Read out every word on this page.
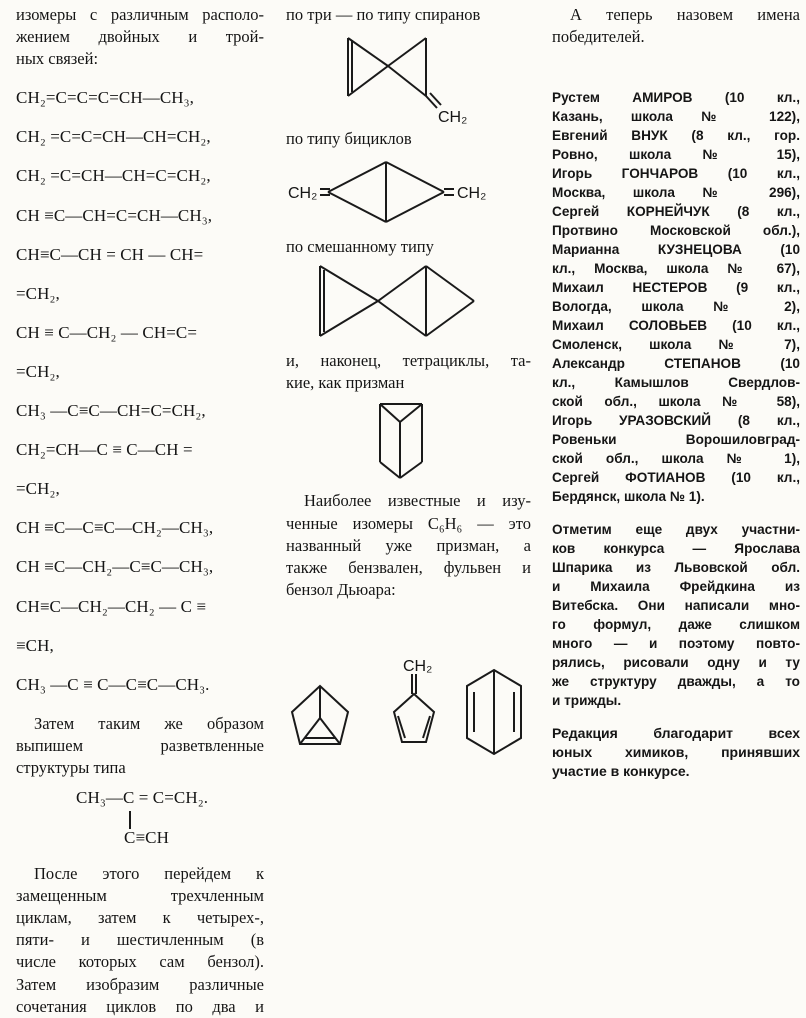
изомеры с различным располо-

жением двойных и трой-

ных связей:

CH₂=C=C=C=CH—CH₃,

CH₂ =C=C=CH—CH=CH₂,

CH₂ =C=CH—CH=C=CH₂,

CH ≡C—CH=C=CH—CH₃,

CH≡C—CH = CH — CH=

=CH₂,

CH ≡ C—CH₂ — CH=C=

=CH₂,

CH₃ —C≡C—CH=C=CH₂,

CH₂=CH—C ≡ C—CH =

=CH₂,

CH ≡C—C≡C—CH₂—CH₃,

CH ≡C—CH₂—C≡C—CH₃,

CH≡C—CH₂—CH₂ — C ≡

≡CH,

CH₃ —C ≡ C—C≡C—CH₃.

Затем таким же образом

выпишем разветвленные

структуры типа

CH₃—C = C=CH₂.
C≡CH

После этого перейдем к

замещенным трехчленным

циклам, затем к четырех-,

пяти- и шестичленным (в

числе которых сам бензол).

Затем изобразим различные

сочетания циклов по два и

по три — по типу спиранов

CH₂

по типу бициклов

CH₂	CH₂

по смешанному типу

и, наконец, тетрациклы, та-

кие, как призман

Наиболее известные и изу-

ченные изомеры C₆H₆ — это

названный уже призман, а

также бензвален, фульвен и

бензол Дьюара:

CH₂

А теперь назовем имена

победителей.

Рустем АМИРОВ (10 кл.,
Казань, школа № 122),
Евгений ВНУК (8 кл., гор.
Ровно, школа № 15),
Игорь ГОНЧАРОВ (10 кл.,
Москва, школа № 296),
Сергей КОРНЕЙЧУК (8 кл.,
Протвино Московской обл.),
Марианна КУЗНЕЦОВА (10
кл., Москва, школа № 67),
Михаил НЕСТЕРОВ (9 кл.,
Вологда, школа № 2),
Михаил СОЛОВЬЕВ (10 кл.,
Смоленск, школа № 7),
Александр СТЕПАНОВ (10
кл., Камышлов Свердлов-
ской обл., школа № 58),
Игорь УРАЗОВСКИЙ (8 кл.,
Ровеньки Ворошиловград-
ской обл., школа № 1),
Сергей ФОТИАНОВ (10 кл.,
Бердянск, школа № 1).
Отметим еще двух участни-
ков конкурса — Ярослава
Шпарика из Львовской обл.
и Михаила Фрейдкина из
Витебска. Они написали мно-
го формул, даже слишком
много — и поэтому повто-
рялись, рисовали одну и ту
же структуру дважды, а то
и трижды.
Редакция благодарит всех
юных химиков, принявших
участие в конкурсе.
